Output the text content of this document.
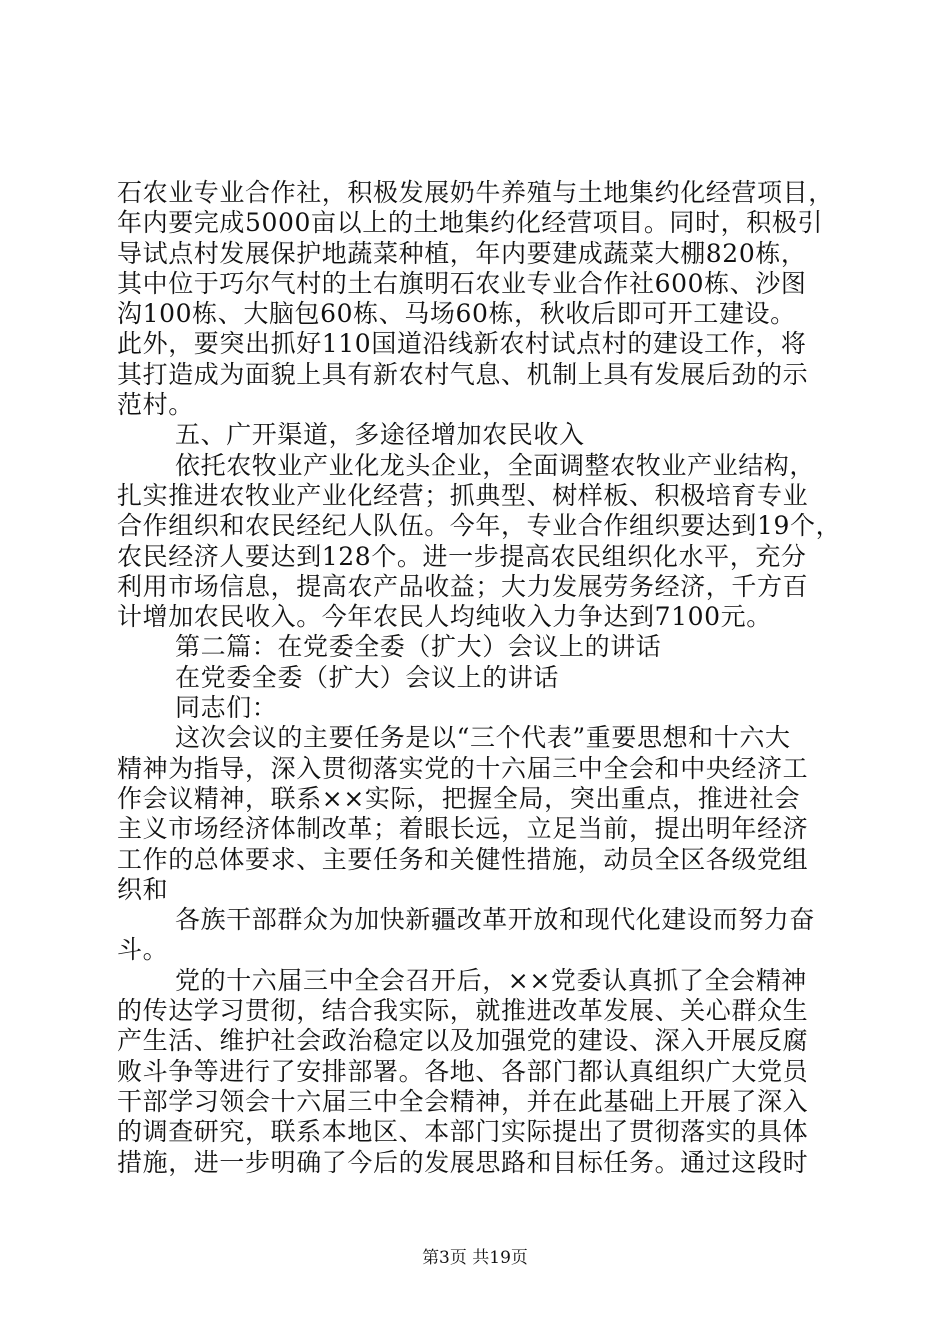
石农业专业合作社，积极发展奶牛养殖与土地集约化经营项目，
年内要完成5000亩以上的土地集约化经营项目。同时，积极引
导试点村发展保护地蔬菜种植，年内要建成蔬菜大棚820栋，
其中位于巧尔气村的土右旗明石农业专业合作社600栋、沙图
沟100栋、大脑包60栋、马场60栋，秋收后即可开工建设。
此外，要突出抓好110国道沿线新农村试点村的建设工作，将
其打造成为面貌上具有新农村气息、机制上具有发展后劲的示
范村。
五、广开渠道，多途径增加农民收入
依托农牧业产业化龙头企业，全面调整农牧业产业结构，
扎实推进农牧业产业化经营；抓典型、树样板、积极培育专业
合作组织和农民经纪人队伍。今年，专业合作组织要达到19个，
农民经济人要达到128个。进一步提高农民组织化水平，充分
利用市场信息，提高农产品收益；大力发展劳务经济，千方百
计增加农民收入。今年农民人均纯收入力争达到7100元。
第二篇：在党委全委（扩大）会议上的讲话
在党委全委（扩大）会议上的讲话
同志们：
这次会议的主要任务是以“三个代表”重要思想和十六大
精神为指导，深入贯彻落实党的十六届三中全会和中央经济工
作会议精神，联系××实际，把握全局，突出重点，推进社会
主义市场经济体制改革；着眼长远，立足当前，提出明年经济
工作的总体要求、主要任务和关健性措施，动员全区各级党组
织和
各族干部群众为加快新疆改革开放和现代化建设而努力奋
斗。
党的十六届三中全会召开后，××党委认真抓了全会精神
的传达学习贯彻，结合我实际，就推进改革发展、关心群众生
产生活、维护社会政治稳定以及加强党的建设、深入开展反腐
败斗争等进行了安排部署。各地、各部门都认真组织广大党员
干部学习领会十六届三中全会精神，并在此基础上开展了深入
的调查研究，联系本地区、本部门实际提出了贯彻落实的具体
措施，进一步明确了今后的发展思路和目标任务。通过这段时
第3页 共19页
